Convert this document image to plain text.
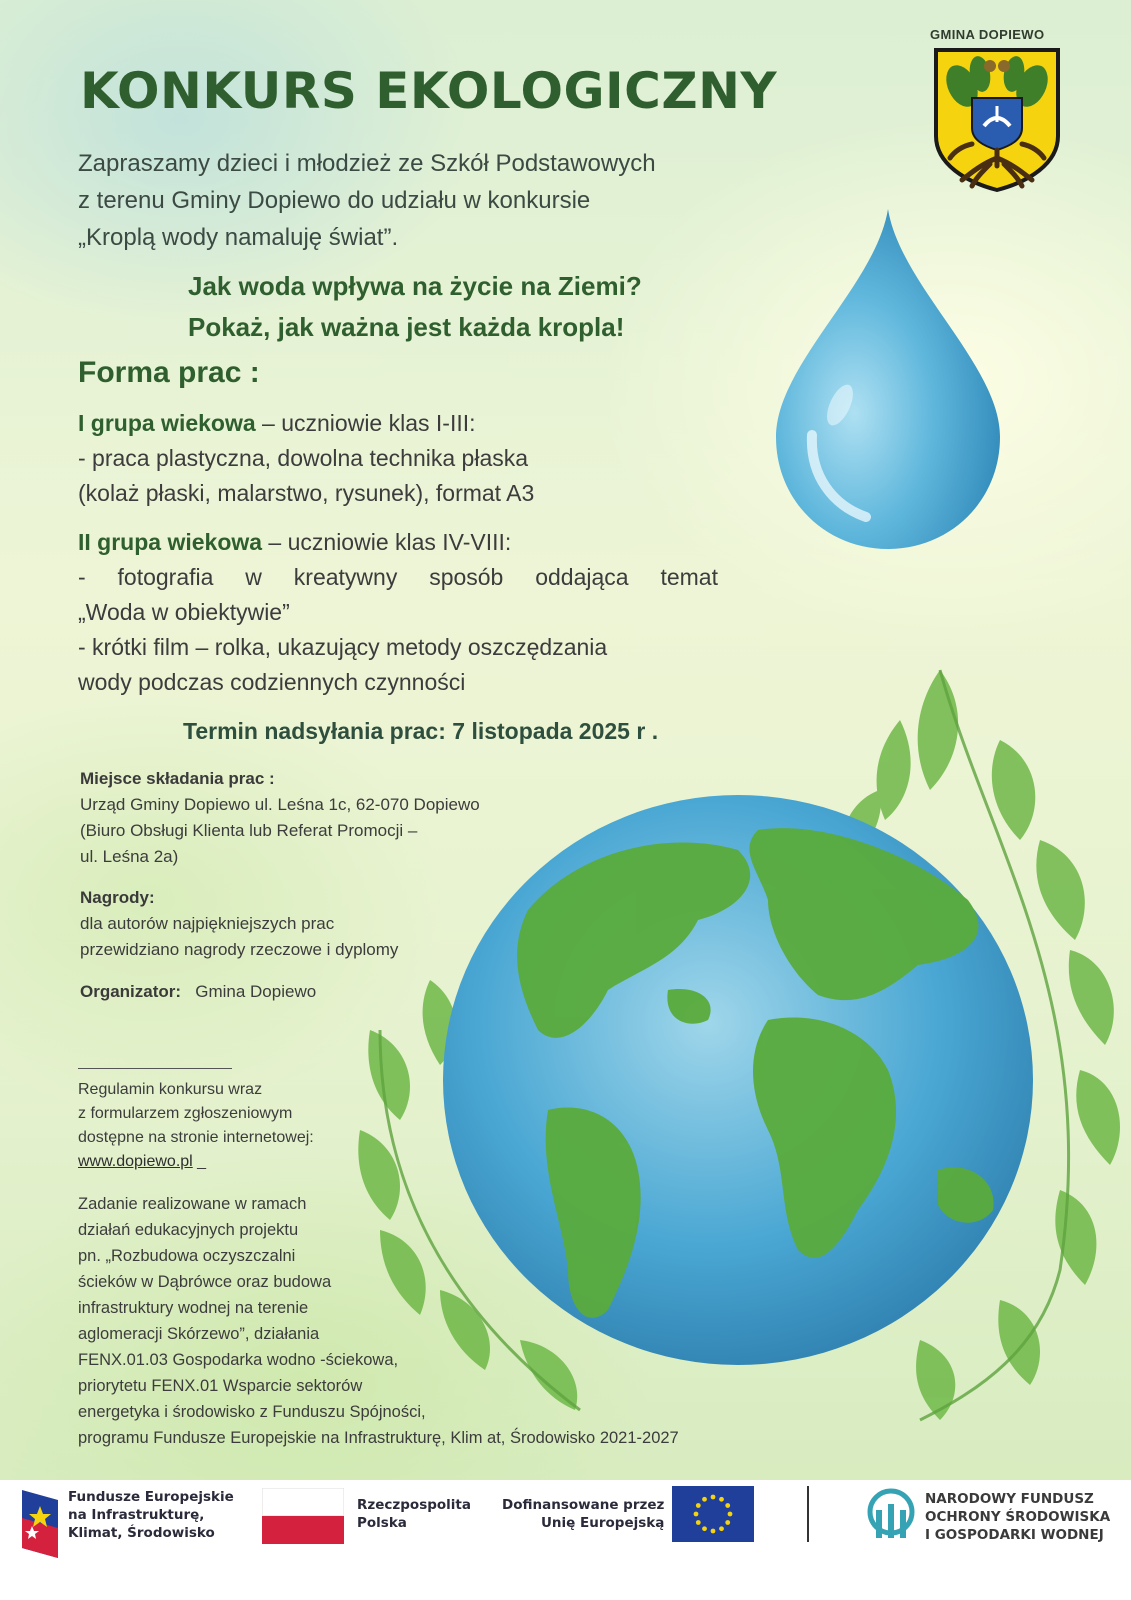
KONKURS EKOLOGICZNY
Zapraszamy dzieci i młodzież ze Szkół Podstawowych
z terenu Gminy Dopiewo do udziału w konkursie
„Kroplą wody namaluję świat”.
Jak woda wpływa na życie na Ziemi?
Pokaż, jak ważna jest każda kropla!
Forma prac :
I grupa wiekowa – uczniowie klas I-III:
- praca plastyczna, dowolna technika płaska
(kolaż płaski, malarstwo, rysunek), format A3
II grupa wiekowa – uczniowie klas IV-VIII:
- fotografia w kreatywny sposób oddająca temat
„Woda w obiektywie”
- krótki film – rolka, ukazujący metody oszczędzania
wody podczas codziennych czynności
Termin nadsyłania prac: 7 listopada 2025 r .
Miejsce składania prac :
Urząd Gminy Dopiewo ul. Leśna 1c, 62-070 Dopiewo
(Biuro Obsługi Klienta lub Referat Promocji –
ul. Leśna 2a)
Nagrody:
dla autorów najpiękniejszych prac
przewidziano nagrody rzeczowe i dyplomy
Organizator: Gmina Dopiewo
Regulamin konkursu wraz
z formularzem zgłoszeniowym
dostępne na stronie internetowej:
www.dopiewo.pl _
Zadanie realizowane w ramach
działań edukacyjnych projektu
pn. „Rozbudowa oczyszczalni
ścieków w Dąbrówce oraz budowa
infrastruktury wodnej na terenie
aglomeracji Skórzewo”, działania
FENX.01.03 Gospodarka wodno -ściekowa,
priorytetu FENX.01 Wsparcie sektorów
energetyka i środowisko z Funduszu Spójności,
programu Fundusze Europejskie na Infrastrukturę, Klim at, Środowisko 2021-2027
GMINA DOPIEWO
Fundusze Europejskie
na Infrastrukturę,
Klimat, Środowisko
Rzeczpospolita
Polska
Dofinansowane przez
Unię Europejską
NARODOWY FUNDUSZ
OCHRONY ŚRODOWISKA
I GOSPODARKI WODNEJ
